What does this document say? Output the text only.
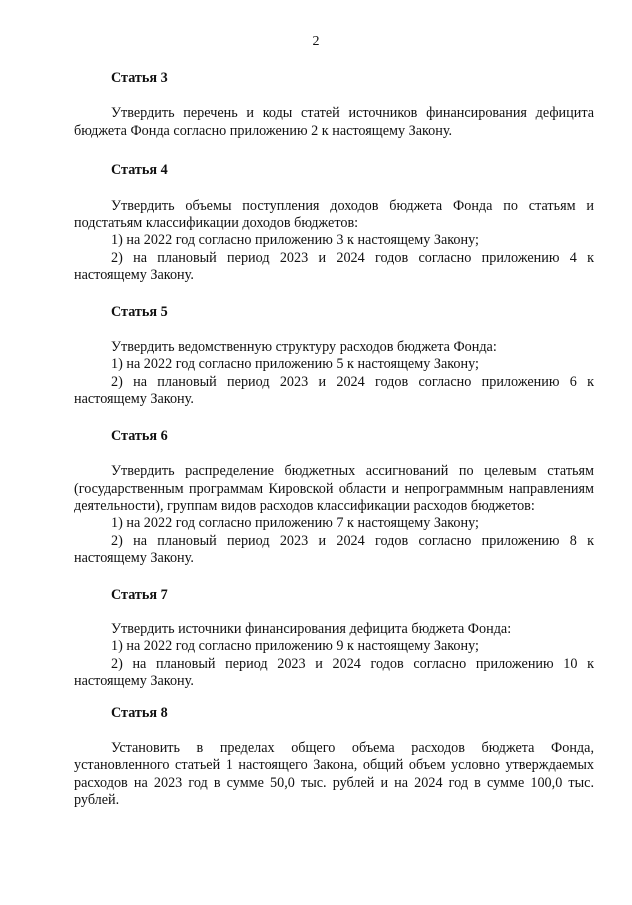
2

Статья 3

Утвердить перечень и коды статей источников финансирования дефицита бюджета Фонда согласно приложению 2 к настоящему Закону.

Статья 4

Утвердить объемы поступления доходов бюджета Фонда по статьям и подстатьям классификации доходов бюджетов:

1) на 2022 год согласно приложению 3 к настоящему Закону;

2) на плановый период 2023 и 2024 годов согласно приложению 4 к настоящему Закону.

Статья 5

Утвердить ведомственную структуру расходов бюджета Фонда:

1) на 2022 год согласно приложению 5 к настоящему Закону;

2) на плановый период 2023 и 2024 годов согласно приложению 6 к настоящему Закону.

Статья 6

Утвердить распределение бюджетных ассигнований по целевым статьям (государственным программам Кировской области и непрограммным направлениям деятельности), группам видов расходов классификации расходов бюджетов:

1) на 2022 год согласно приложению 7 к настоящему Закону;

2) на плановый период 2023 и 2024 годов согласно приложению 8 к настоящему Закону.

Статья 7

Утвердить источники финансирования дефицита бюджета Фонда:

1) на 2022 год согласно приложению 9 к настоящему Закону;

2) на плановый период 2023 и 2024 годов согласно приложению 10 к настоящему Закону.

Статья 8

Установить в пределах общего объема расходов бюджета Фонда, установленного статьей 1 настоящего Закона, общий объем условно утверждаемых расходов на 2023 год в сумме 50,0 тыс. рублей и на 2024 год в сумме 100,0 тыс. рублей.
